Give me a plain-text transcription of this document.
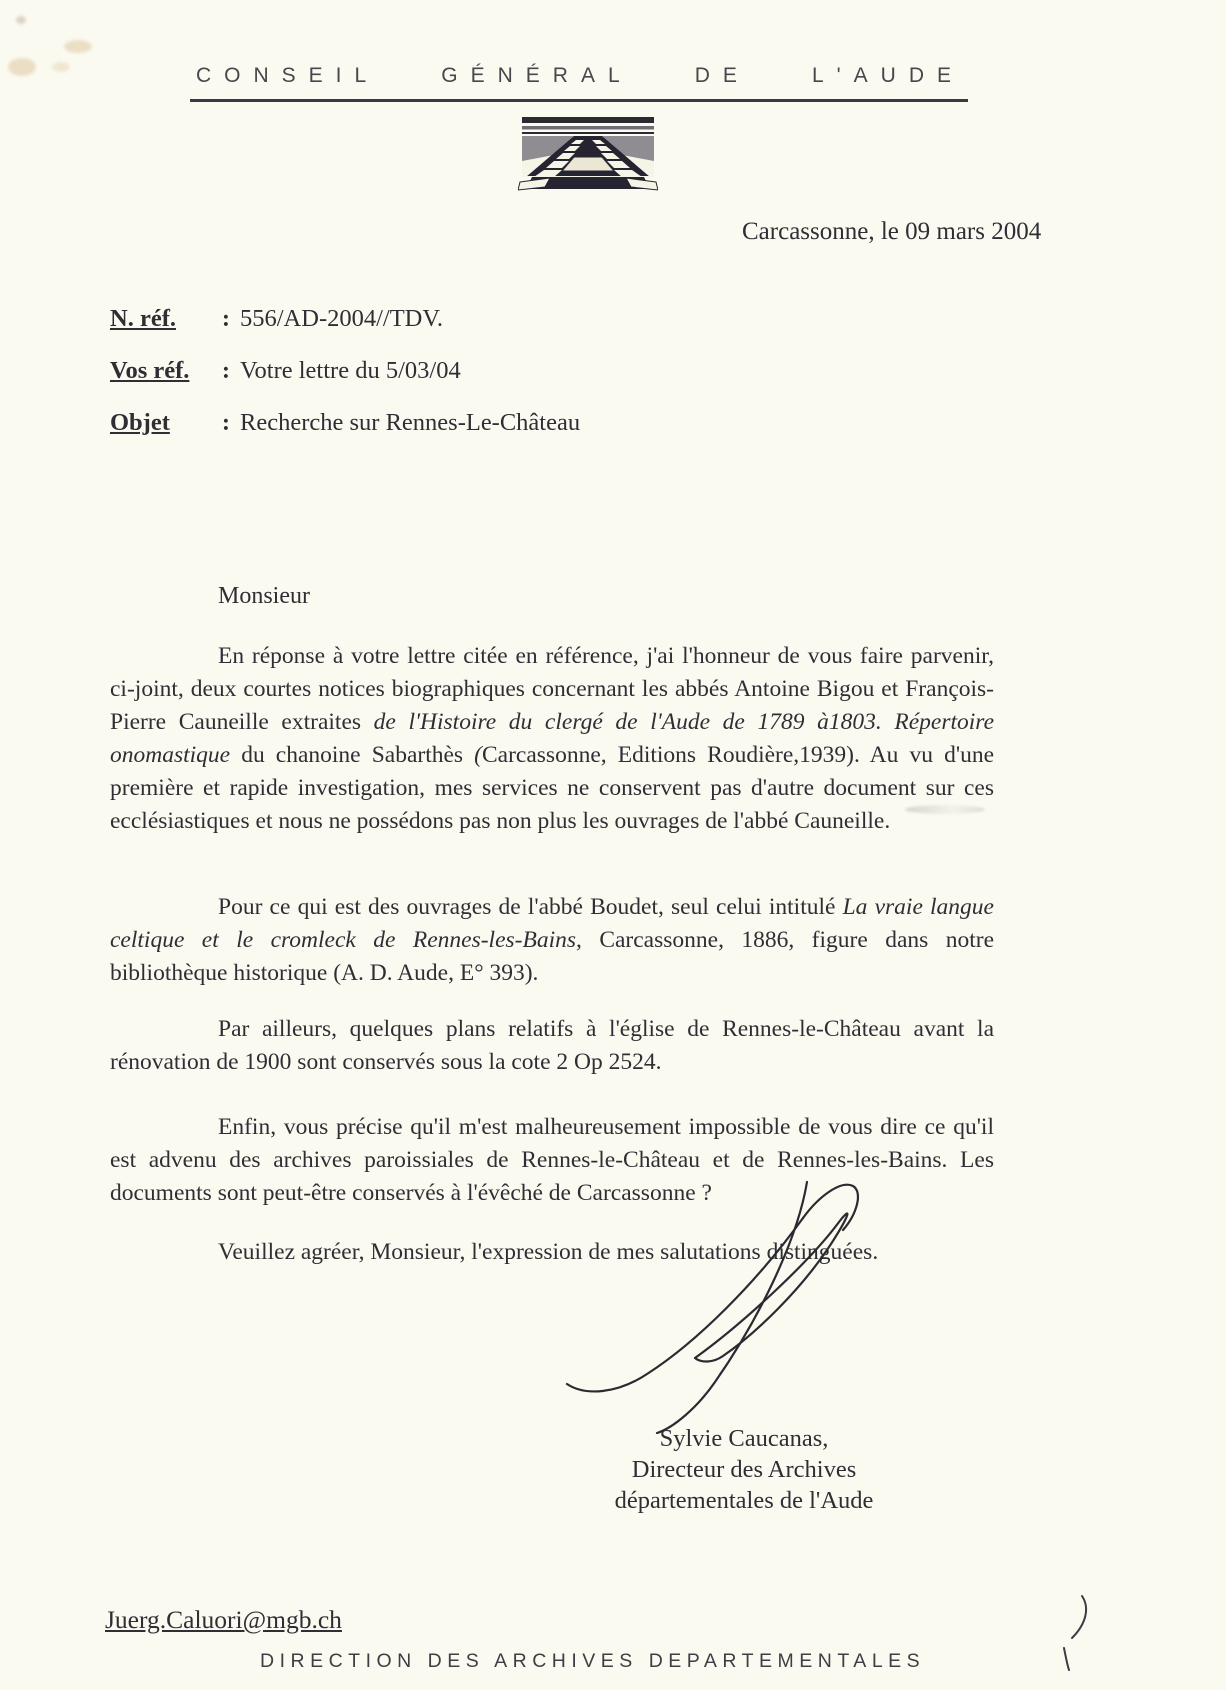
CONSEIL	GÉNÉRAL	DE	L'AUDE
Carcassonne, le 09 mars 2004
N. réf. : 556/AD-2004//TDV.
Vos réf. : Votre lettre du 5/03/04
Objet : Recherche sur Rennes-Le-Château
Monsieur
En réponse à votre lettre citée en référence, j'ai l'honneur de vous faire parvenir, ci-joint, deux courtes notices biographiques concernant les abbés Antoine Bigou et François-Pierre Cauneille extraites de l'Histoire du clergé de l'Aude de 1789 à1803. Répertoire onomastique du chanoine Sabarthès (Carcassonne, Editions Roudière,1939). Au vu d'une première et rapide investigation, mes services ne conservent pas d'autre document sur ces ecclésiastiques et nous ne possédons pas non plus les ouvrages de l'abbé Cauneille.
Pour ce qui est des ouvrages de l'abbé Boudet, seul celui intitulé La vraie langue celtique et le cromleck de Rennes-les-Bains, Carcassonne, 1886, figure dans notre bibliothèque historique (A. D. Aude, E° 393).
Par ailleurs, quelques plans relatifs à l'église de Rennes-le-Château avant la rénovation de 1900 sont conservés sous la cote 2 Op 2524.
Enfin, vous précise qu'il m'est malheureusement impossible de vous dire ce qu'il est advenu des archives paroissiales de Rennes-le-Château et de Rennes-les-Bains. Les documents sont peut-être conservés à l'évêché de Carcassonne ?
Veuillez agréer, Monsieur, l'expression de mes salutations distinguées.
Sylvie Caucanas,
Directeur des Archives
départementales de l'Aude
Juerg.Caluori@mgb.ch
DIRECTION DES ARCHIVES DEPARTEMENTALES
